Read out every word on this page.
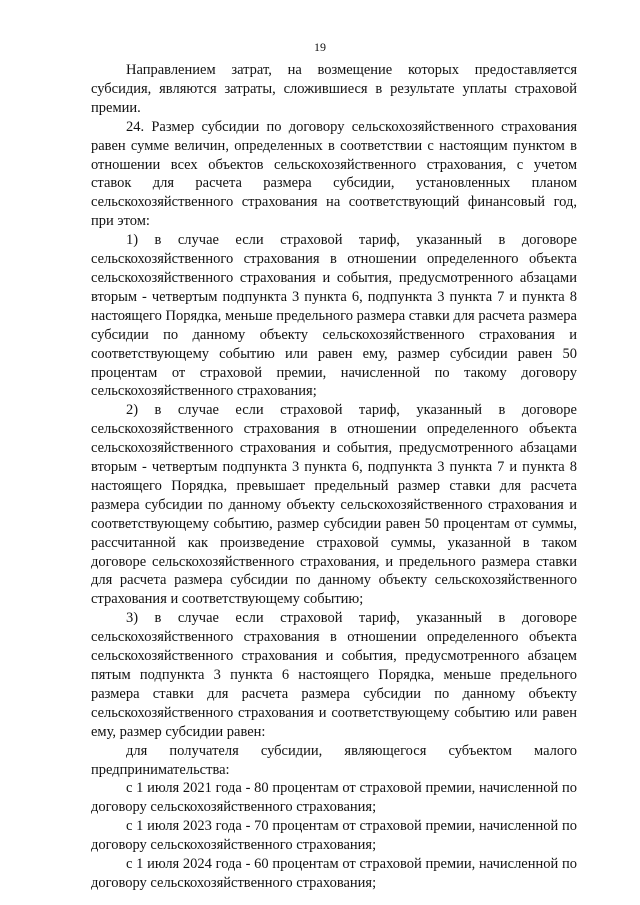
19

Направлением затрат, на возмещение которых предоставляется субсидия, являются затраты, сложившиеся в результате уплаты страховой премии.

24. Размер субсидии по договору сельскохозяйственного страхования равен сумме величин, определенных в соответствии с настоящим пунктом в отношении всех объектов сельскохозяйственного страхования, с учетом ставок для расчета размера субсидии, установленных планом сельскохозяйственного страхования на соответствующий финансовый год, при этом:

1) в случае если страховой тариф, указанный в договоре сельскохозяйственного страхования в отношении определенного объекта сельскохозяйственного страхования и события, предусмотренного абзацами вторым - четвертым подпункта 3 пункта 6, подпункта 3 пункта 7 и пункта 8 настоящего Порядка, меньше предельного размера ставки для расчета размера субсидии по данному объекту сельскохозяйственного страхования и соответствующему событию или равен ему, размер субсидии равен 50 процентам от страховой премии, начисленной по такому договору сельскохозяйственного страхования;

2) в случае если страховой тариф, указанный в договоре сельскохозяйственного страхования в отношении определенного объекта сельскохозяйственного страхования и события, предусмотренного абзацами вторым - четвертым подпункта 3 пункта 6, подпункта 3 пункта 7 и пункта 8 настоящего Порядка, превышает предельный размер ставки для расчета размера субсидии по данному объекту сельскохозяйственного страхования и соответствующему событию, размер субсидии равен 50 процентам от суммы, рассчитанной как произведение страховой суммы, указанной в таком договоре сельскохозяйственного страхования, и предельного размера ставки для расчета размера субсидии по данному объекту сельскохозяйственного страхования и соответствующему событию;

3) в случае если страховой тариф, указанный в договоре сельскохозяйственного страхования в отношении определенного объекта сельскохозяйственного страхования и события, предусмотренного абзацем пятым подпункта 3 пункта 6 настоящего Порядка, меньше предельного размера ставки для расчета размера субсидии по данному объекту сельскохозяйственного страхования и соответствующему событию или равен ему, размер субсидии равен:

для получателя субсидии, являющегося субъектом малого предпринимательства:

с 1 июля 2021 года - 80 процентам от страховой премии, начисленной по договору сельскохозяйственного страхования;

с 1 июля 2023 года - 70 процентам от страховой премии, начисленной по договору сельскохозяйственного страхования;

с 1 июля 2024 года - 60 процентам от страховой премии, начисленной по договору сельскохозяйственного страхования;
